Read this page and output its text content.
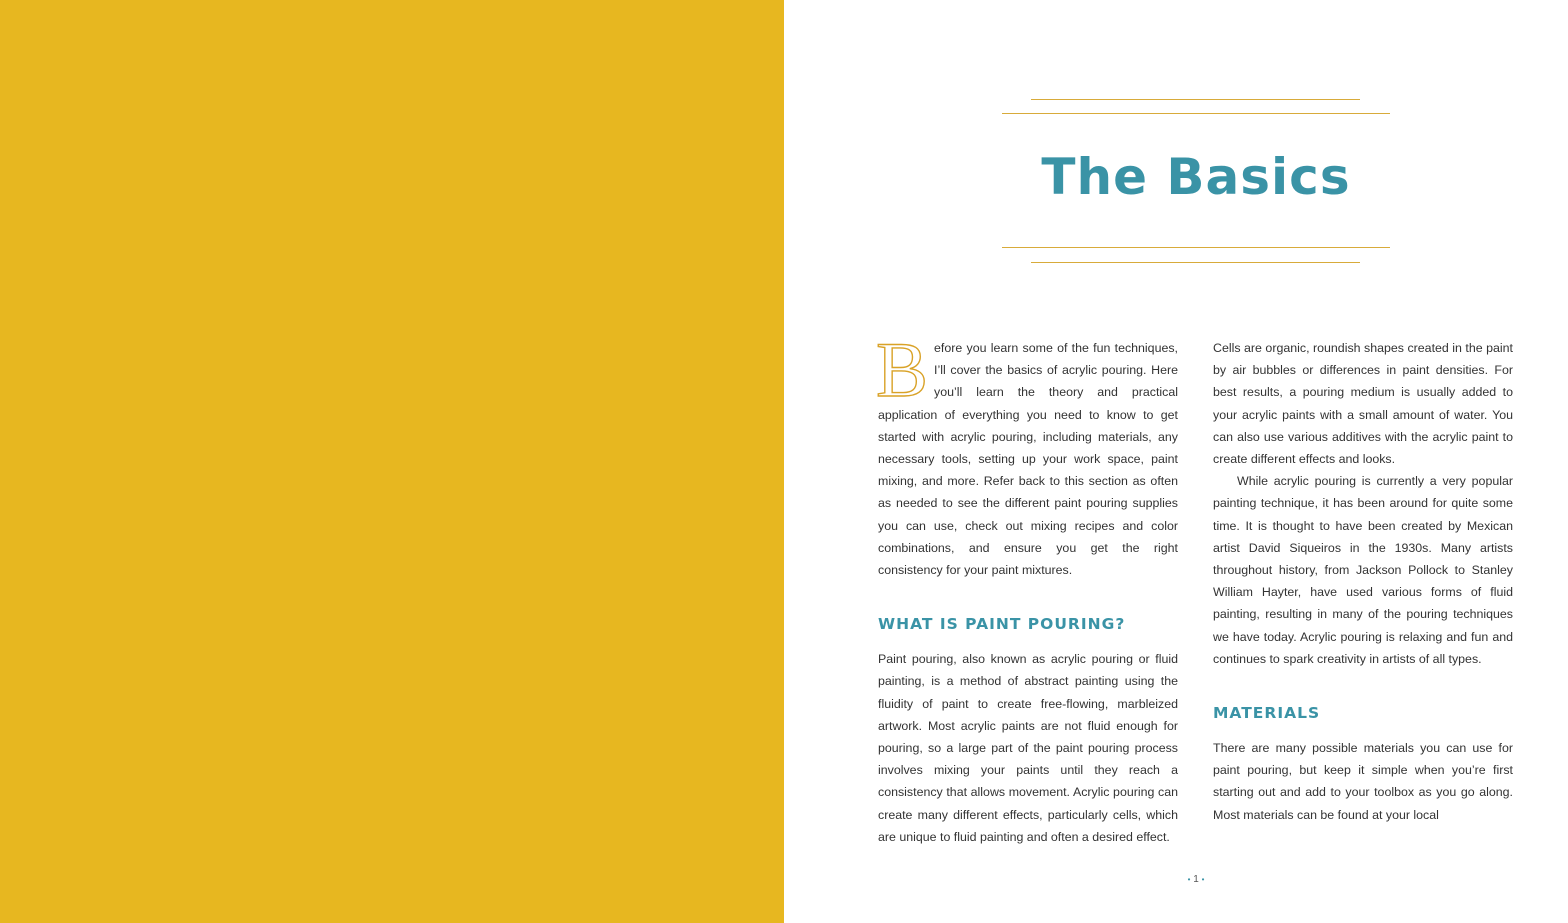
The Basics

Before you learn some of the fun techniques, I’ll cover the basics of acrylic pouring. Here you’ll learn the theory and practical application of everything you need to know to get started with acrylic pouring, including materials, any necessary tools, setting up your work space, paint mixing, and more. Refer back to this section as often as needed to see the different paint pouring supplies you can use, check out mixing recipes and color combinations, and ensure you get the right consistency for your paint mixtures.

WHAT IS PAINT POURING?

Paint pouring, also known as acrylic pouring or fluid painting, is a method of abstract painting using the fluidity of paint to create free-flowing, marbleized artwork. Most acrylic paints are not fluid enough for pouring, so a large part of the paint pouring process involves mixing your paints until they reach a consistency that allows movement. Acrylic pouring can create many different effects, particularly cells, which are unique to fluid painting and often a desired effect.

Cells are organic, roundish shapes created in the paint by air bubbles or differences in paint densities. For best results, a pouring medium is usually added to your acrylic paints with a small amount of water. You can also use various additives with the acrylic paint to create different effects and looks.

While acrylic pouring is currently a very popular painting technique, it has been around for quite some time. It is thought to have been created by Mexican artist David Siqueiros in the 1930s. Many artists throughout history, from Jackson Pollock to Stanley William Hayter, have used various forms of fluid painting, resulting in many of the pouring techniques we have today. Acrylic pouring is relaxing and fun and continues to spark creativity in artists of all types.

MATERIALS

There are many possible materials you can use for paint pouring, but keep it simple when you’re first starting out and add to your toolbox as you go along. Most materials can be found at your local

• 1 •
